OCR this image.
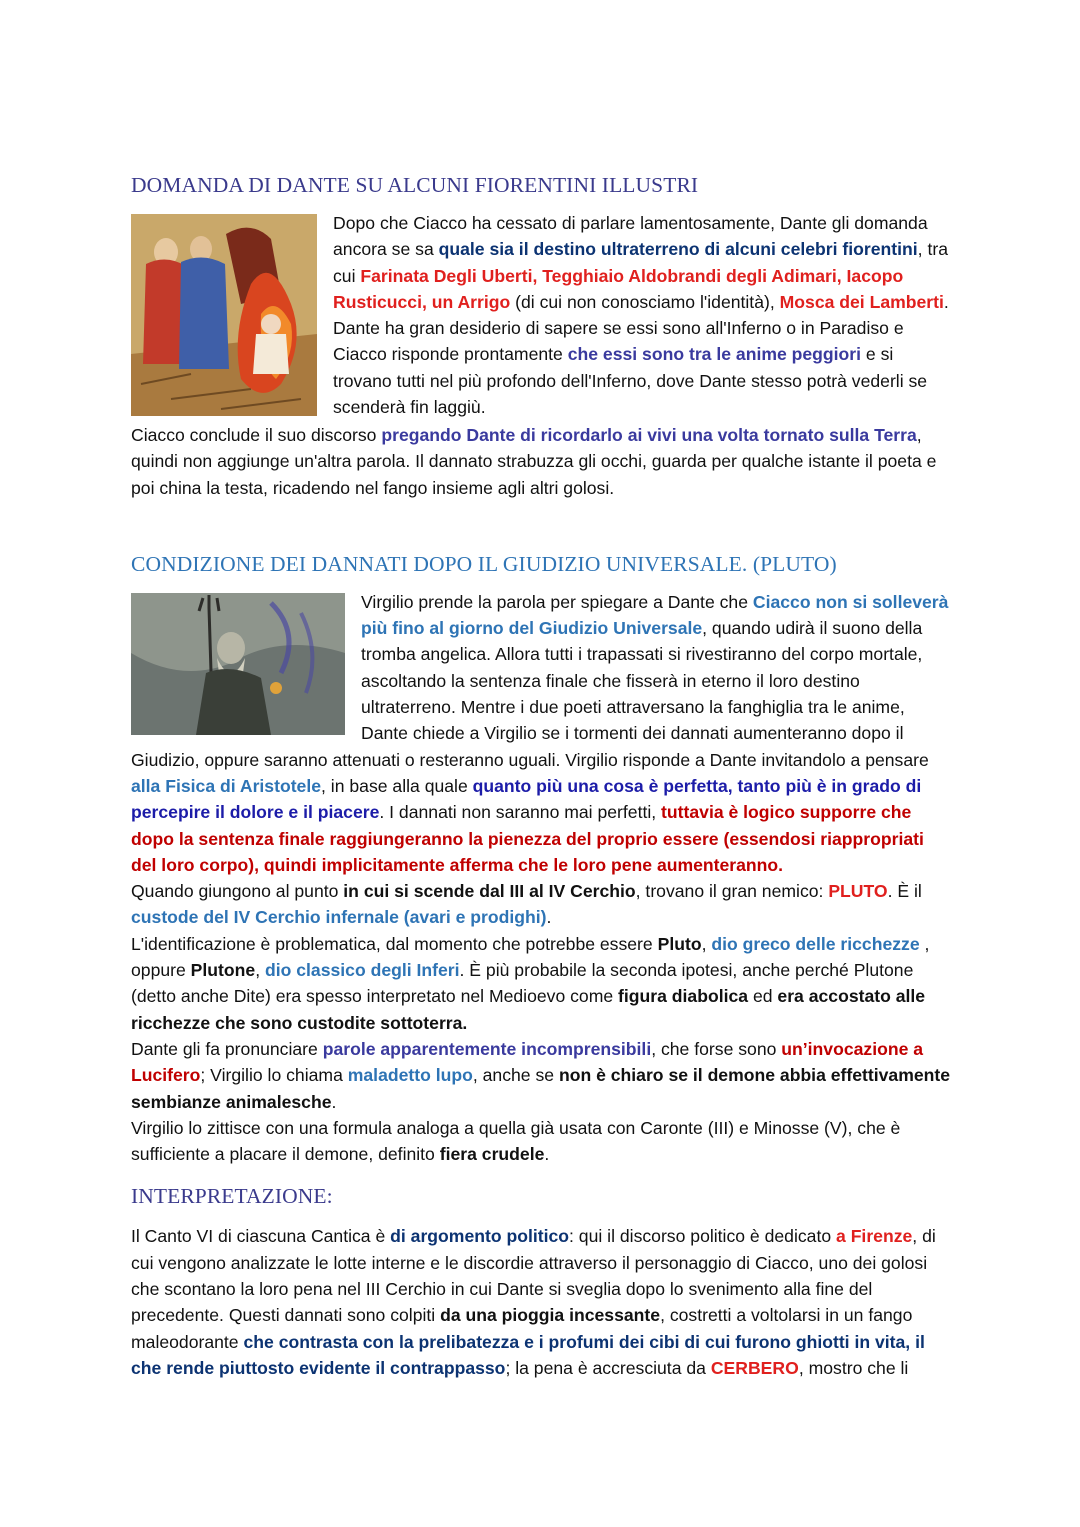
DOMANDA DI DANTE SU ALCUNI FIORENTINI ILLUSTRI

Dopo che Ciacco ha cessato di parlare lamentosamente, Dante gli domanda ancora se sa quale sia il destino ultraterreno di alcuni celebri fiorentini, tra cui Farinata Degli Uberti, Tegghiaio Aldobrandi degli Adimari, Iacopo Rusticucci, un Arrigo (di cui non conosciamo l'identità), Mosca dei Lamberti. Dante ha gran desiderio di sapere se essi sono all'Inferno o in Paradiso e Ciacco risponde prontamente che essi sono tra le anime peggiori e si trovano tutti nel più profondo dell'Inferno, dove Dante stesso potrà vederli se scenderà fin laggiù.

Ciacco conclude il suo discorso pregando Dante di ricordarlo ai vivi una volta tornato sulla Terra, quindi non aggiunge un'altra parola. Il dannato strabuzza gli occhi, guarda per qualche istante il poeta e poi china la testa, ricadendo nel fango insieme agli altri golosi.

CONDIZIONE DEI DANNATI DOPO IL GIUDIZIO UNIVERSALE. (PLUTO)

Virgilio prende la parola per spiegare a Dante che Ciacco non si solleverà più fino al giorno del Giudizio Universale, quando udirà il suono della tromba angelica. Allora tutti i trapassati si rivestiranno del corpo mortale, ascoltando la sentenza finale che fisserà in eterno il loro destino ultraterreno. Mentre i due poeti attraversano la fanghiglia tra le anime, Dante chiede a Virgilio se i tormenti dei dannati aumenteranno dopo il Giudizio, oppure saranno attenuati o resteranno uguali. Virgilio risponde a Dante invitandolo a pensare alla Fisica di Aristotele, in base alla quale quanto più una cosa è perfetta, tanto più è in grado di percepire il dolore e il piacere. I dannati non saranno mai perfetti, tuttavia è logico supporre che dopo la sentenza finale raggiungeranno la pienezza del proprio essere (essendosi riappropriati del loro corpo), quindi implicitamente afferma che le loro pene aumenteranno.

Quando giungono al punto in cui si scende dal III al IV Cerchio, trovano il gran nemico: PLUTO. È il custode del IV Cerchio infernale (avari e prodighi).

L'identificazione è problematica, dal momento che potrebbe essere Pluto, dio greco delle ricchezze , oppure Plutone, dio classico degli Inferi. È più probabile la seconda ipotesi, anche perché Plutone (detto anche Dite) era spesso interpretato nel Medioevo come figura diabolica ed era accostato alle ricchezze che sono custodite sottoterra.

Dante gli fa pronunciare parole apparentemente incomprensibili, che forse sono un’invocazione a Lucifero; Virgilio lo chiama maladetto lupo, anche se non è chiaro se il demone abbia effettivamente sembianze animalesche.

Virgilio lo zittisce con una formula analoga a quella già usata con Caronte (III) e Minosse (V), che è sufficiente a placare il demone, definito fiera crudele.

INTERPRETAZIONE:

Il Canto VI di ciascuna Cantica è di argomento politico: qui il discorso politico è dedicato a Firenze, di cui vengono analizzate le lotte interne e le discordie attraverso il personaggio di Ciacco, uno dei golosi che scontano la loro pena nel III Cerchio in cui Dante si sveglia dopo lo svenimento alla fine del precedente. Questi dannati sono colpiti da una pioggia incessante, costretti a voltolarsi in un fango maleodorante che contrasta con la prelibatezza e i profumi dei cibi di cui furono ghiotti in vita, il che rende piuttosto evidente il contrappasso; la pena è accresciuta da CERBERO, mostro che li
